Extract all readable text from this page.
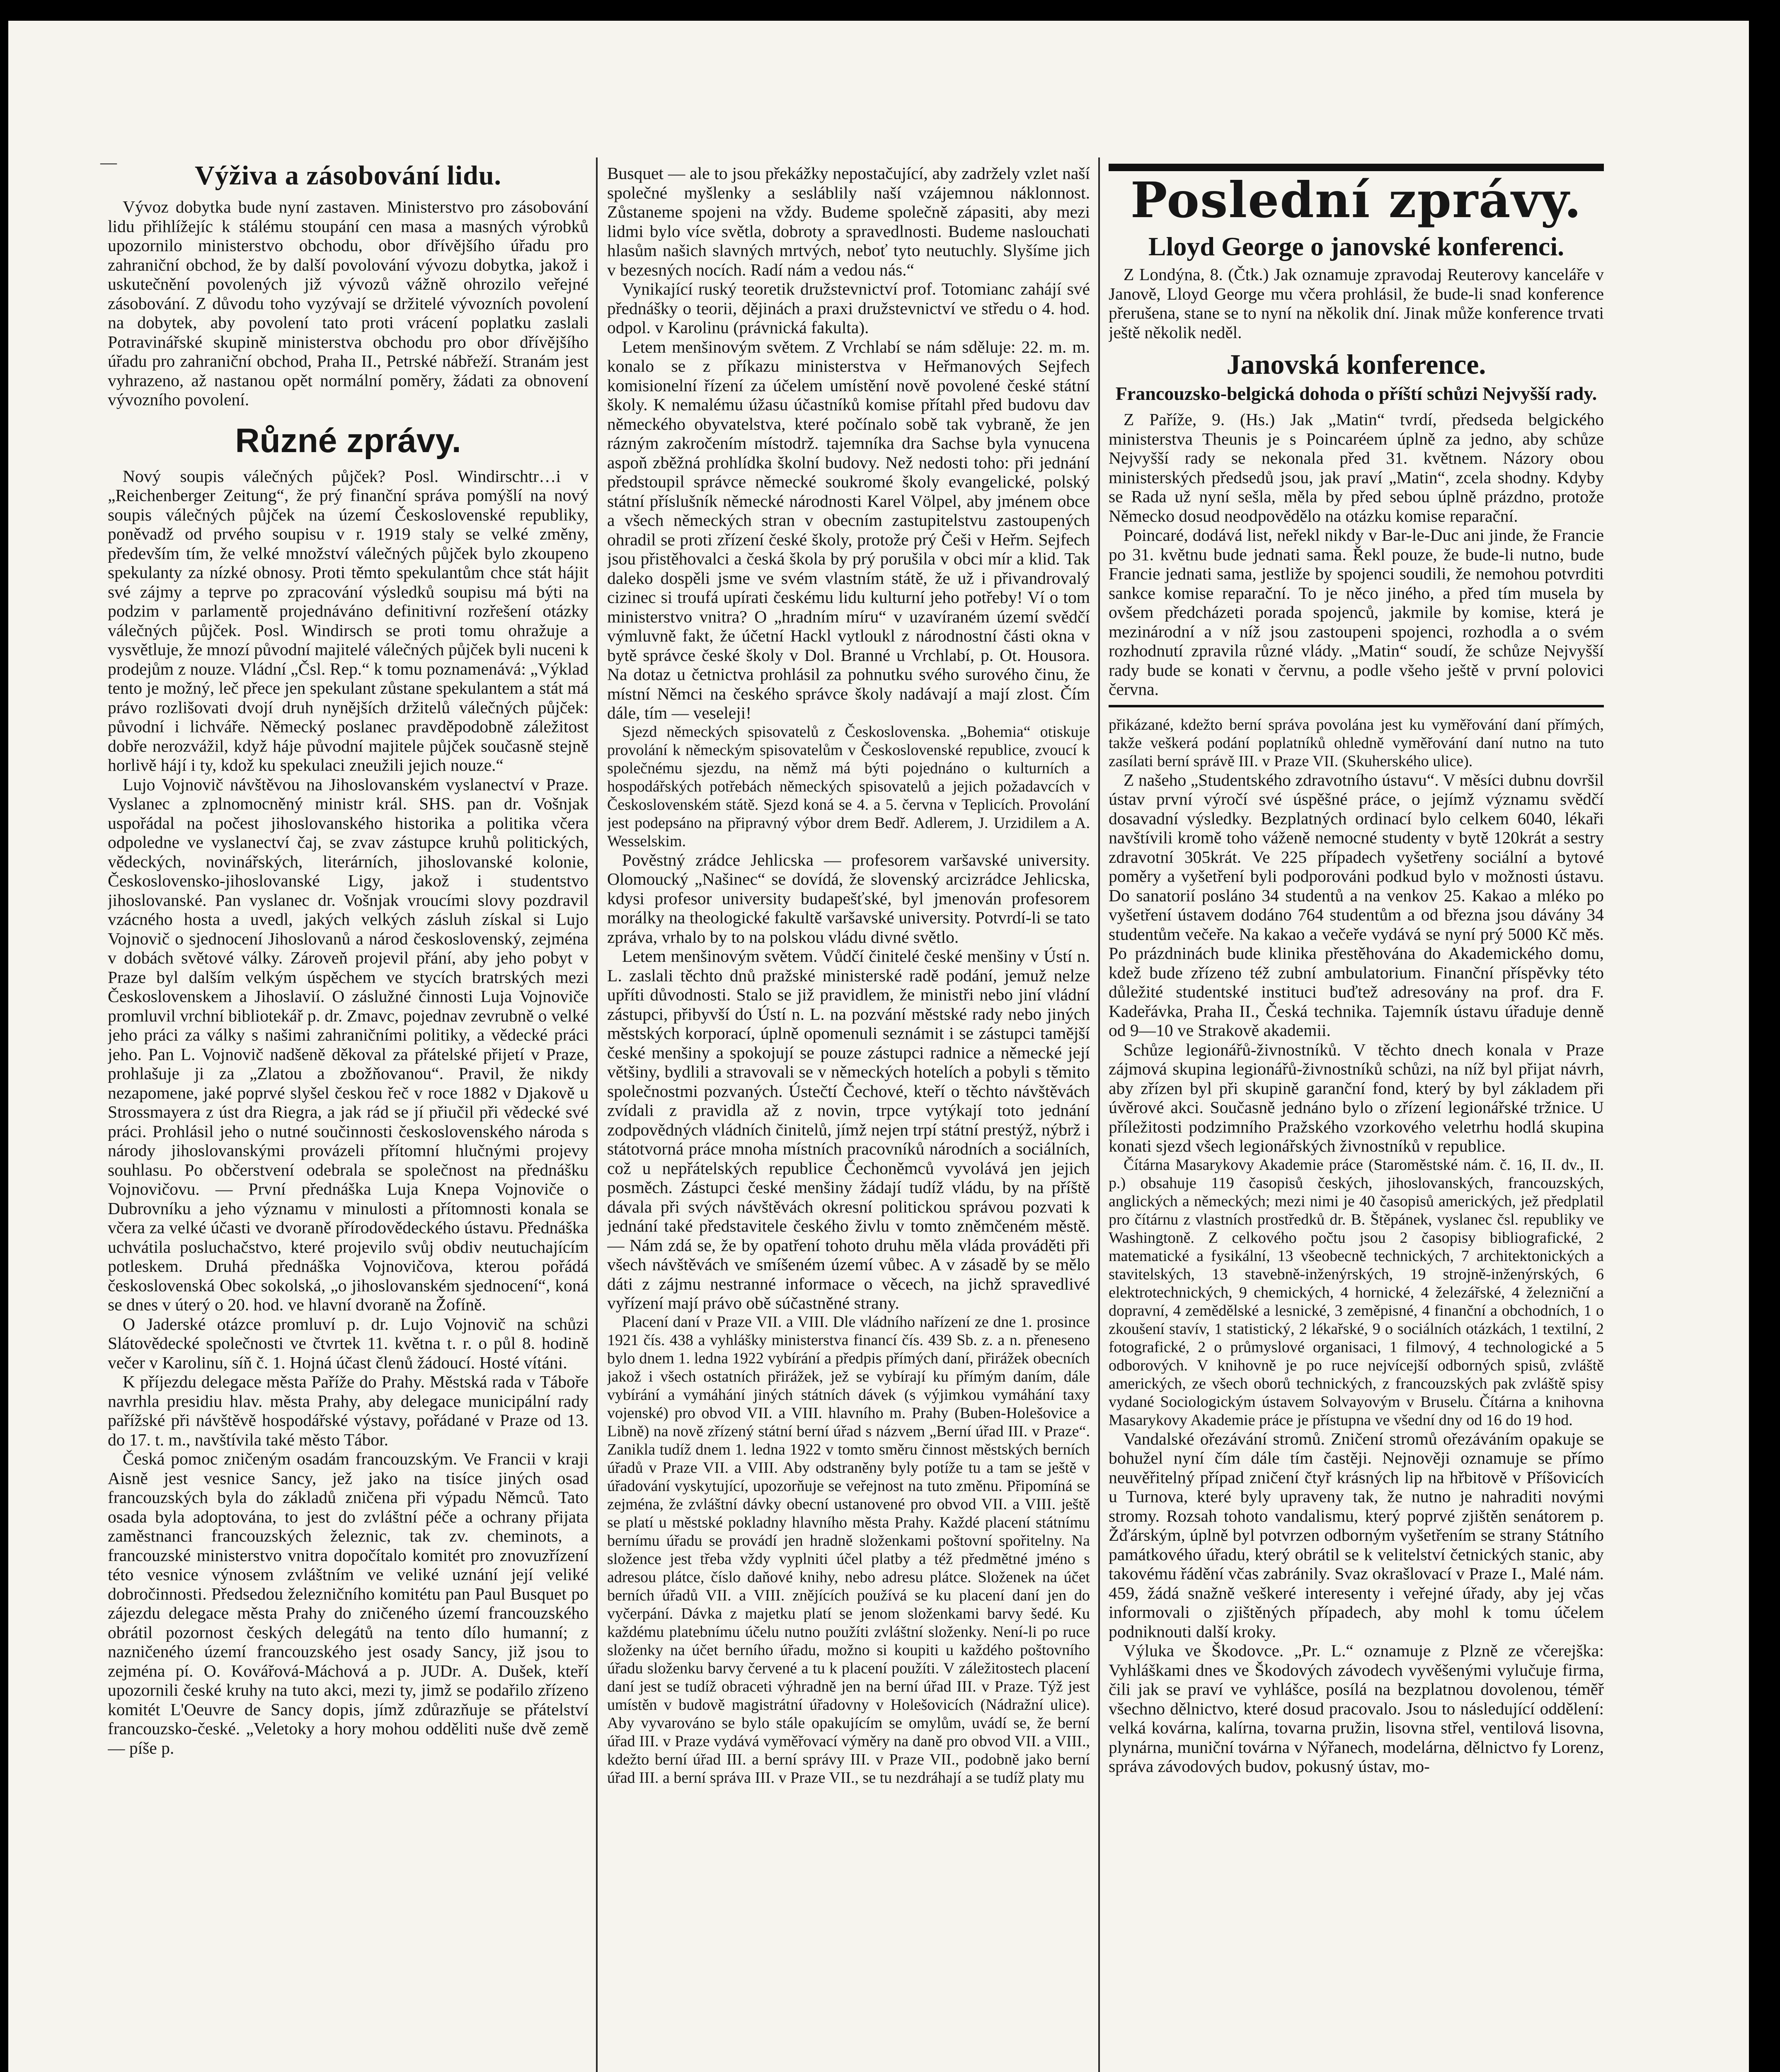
—	Výživa a zásobování lidu.

Vývoz dobytka bude nyní zastaven. Ministerstvo pro zásobování lidu přihlížejíc k stálému stoupání cen masa a masných výrobků upozornilo ministerstvo obchodu, obor dřívějšího úřadu pro zahraniční obchod, že by další povolování vývozu dobytka, jakož i uskutečnění povolených již vývozů vážně ohrozilo veřejné zásobování. Z důvodu toho vyzývají se držitelé vývozních povolení na dobytek, aby povolení tato proti vrácení poplatku zaslali Potravinářské skupině ministerstva obchodu pro obor dřívějšího úřadu pro zahraniční obchod, Praha II., Petrské nábřeží. Stranám jest vyhrazeno, až nastanou opět normální poměry, žádati za obnovení vývozního povolení.

Různé zprávy.

Nový soupis válečných půjček? Posl. Windirschtr…i v „Reichenberger Zeitung“, že prý finanční správa pomýšlí na nový soupis válečných půjček na území Československé republiky, poněvadž od prvého soupisu v r. 1919 staly se velké změny, především tím, že velké množství válečných půjček bylo zkoupeno spekulanty za nízké obnosy. Proti těmto spekulantům chce stát hájit své zájmy a teprve po zpracování výsledků soupisu má býti na podzim v parlamentě projednáváno definitivní rozřešení otázky válečných půjček. Posl. Windirsch se proti tomu ohražuje a vysvětluje, že mnozí původní majitelé válečných půjček byli nuceni k prodejům z nouze. Vládní „Čsl. Rep.“ k tomu poznamenává: „Výklad tento je možný, leč přece jen spekulant zůstane spekulantem a stát má právo rozlišovati dvojí druh nynějších držitelů válečných půjček: původní i lichváře. Německý poslanec pravděpodobně záležitost dobře nerozvážil, když háje původní majitele půjček současně stejně horlivě hájí i ty, kdož ku spekulaci zneužili jejich nouze.“

Lujo Vojnovič návštěvou na Jihoslovanském vyslanectví v Praze. Vyslanec a zplnomocněný ministr král. SHS. pan dr. Vošnjak uspořádal na počest jihoslovanského historika a politika včera odpoledne ve vyslanectví čaj, se zvav zástupce kruhů politických, vědeckých, novinářských, literárních, jihoslovanské kolonie, Československo-jihoslovanské Ligy, jakož i studentstvo jihoslovanské. Pan vyslanec dr. Vošnjak vroucími slovy pozdravil vzácného hosta a uvedl, jakých velkých zásluh získal si Lujo Vojnovič o sjednocení Jihoslovanů a národ československý, zejména v dobách světové války. Zároveň projevil přání, aby jeho pobyt v Praze byl dalším velkým úspěchem ve stycích bratrských mezi Československem a Jihoslavií. O záslužné činnosti Luja Vojnoviče promluvil vrchní bibliotekář p. dr. Zmavc, pojednav zevrubně o velké jeho práci za války s našimi zahraničními politiky, a vědecké práci jeho. Pan L. Vojnovič nadšeně děkoval za přátelské přijetí v Praze, prohlašuje ji za „Zlatou a zbožňovanou“. Pravil, že nikdy nezapomene, jaké poprvé slyšel českou řeč v roce 1882 v Djakově u Strossmayera z úst dra Riegra, a jak rád se jí přiučil při vědecké své práci. Prohlásil jeho o nutné součinnosti československého národa s národy jihoslovanskými provázeli přítomní hlučnými projevy souhlasu. Po občerstvení odebrala se společnost na přednášku Vojnovičovu. — První přednáška Luja Knepa Vojnoviče o Dubrovníku a jeho významu v minulosti a přítomnosti konala se včera za velké účasti ve dvoraně přírodovědeckého ústavu. Přednáška uchvátila posluchačstvo, které projevilo svůj obdiv neutuchajícím potleskem. Druhá přednáška Vojnovičova, kterou pořádá československá Obec sokolská, „o jihoslovanském sjednocení“, koná se dnes v úterý o 20. hod. ve hlavní dvoraně na Žofíně.

O Jaderské otázce promluví p. dr. Lujo Vojnovič na schůzi Slátovědecké společnosti ve čtvrtek 11. května t. r. o půl 8. hodině večer v Karolinu, síň č. 1. Hojná účast členů žádoucí. Hosté vítáni.

K příjezdu delegace města Paříže do Prahy. Městská rada v Táboře navrhla presidiu hlav. města Prahy, aby delegace municipální rady pařížské při návštěvě hospodářské výstavy, pořádané v Praze od 13. do 17. t. m., navštívila také město Tábor.

Česká pomoc zničeným osadám francouzským. Ve Francii v kraji Aisně jest vesnice Sancy, jež jako na tisíce jiných osad francouzských byla do základů zničena při výpadu Němců. Tato osada byla adoptována, to jest do zvláštní péče a ochrany přijata zaměstnanci francouzských železnic, tak zv. cheminots, a francouzské ministerstvo vnitra dopočítalo komitét pro znovuzřízení této vesnice výnosem zvláštním ve veliké uznání její veliké dobročinnosti. Předsedou železničního komitétu pan Paul Busquet po zájezdu delegace města Prahy do zničeného území francouzského obrátil pozornost českých delegátů na tento dílo humanní; z nazničeného území francouzského jest osady Sancy, již jsou to zejména pí. O. Kovářová-Máchová a p. JUDr. A. Dušek, kteří upozornili české kruhy na tuto akci, mezi ty, jimž se podařilo zřízeno komitét L'Oeuvre de Sancy dopis, jímž zdůrazňuje se přátelství francouzsko-české. „Veletoky a hory mohou odděliti nuše dvě země — píše p.

Busquet — ale to jsou překážky nepostačující, aby zadržely vzlet naší společné myšlenky a sesláblily naší vzájemnou náklonnost. Zůstaneme spojeni na vždy. Budeme společně zápasiti, aby mezi lidmi bylo více světla, dobroty a spravedlnosti. Budeme naslouchati hlasům našich slavných mrtvých, neboť tyto neutuchly. Slyšíme jich v bezesných nocích. Radí nám a vedou nás.“

Vynikající ruský teoretik družstevnictví prof. Totomianc zahájí své přednášky o teorii, dějinách a praxi družstevnictví ve středu o 4. hod. odpol. v Karolinu (právnická fakulta).

Letem menšinovým světem. Z Vrchlabí se nám sděluje: 22. m. m. konalo se z příkazu ministerstva v Heřmanových Sejfech komisionelní řízení za účelem umístění nově povolené české státní školy. K nemalému úžasu účastníků komise přítahl před budovu dav německého obyvatelstva, které počínalo sobě tak vybraně, že jen rázným zakročením místodrž. tajemníka dra Sachse byla vynucena aspoň zběžná prohlídka školní budovy. Než nedosti toho: při jednání předstoupil správce německé soukromé školy evangelické, polský státní příslušník německé národnosti Karel Völpel, aby jménem obce a všech německých stran v obecním zastupitelstvu zastoupených ohradil se proti zřízení české školy, protože prý Češi v Heřm. Sejfech jsou přistěhovalci a česká škola by prý porušila v obci mír a klid. Tak daleko dospěli jsme ve svém vlastním státě, že už i přivandrovalý cizinec si troufá upírati českému lidu kulturní jeho potřeby! Ví o tom ministerstvo vnitra? O „hradním míru“ v uzavíraném území svědčí výmluvně fakt, že účetní Hackl vytloukl z národnostní části okna v bytě správce české školy v Dol. Branné u Vrchlabí, p. Ot. Housora. Na dotaz u četnictva prohlásil za pohnutku svého surového činu, že místní Němci na českého správce školy nadávají a mají zlost. Čím dále, tím — veseleji!

Sjezd německých spisovatelů z Československa. „Bohemia“ otiskuje provolání k německým spisovatelům v Československé republice, zvoucí k společnému sjezdu, na němž má býti pojednáno o kulturních a hospodářských potřebách německých spisovatelů a jejich požadavcích v Československém státě. Sjezd koná se 4. a 5. června v Teplicích. Provolání jest podepsáno na připravný výbor drem Bedř. Adlerem, J. Urzidilem a A. Wesselskim.

Pověstný zrádce Jehlicska — profesorem varšavské university. Olomoucký „Našinec“ se dovídá, že slovenský arcizrádce Jehlicska, kdysi profesor university budapešťské, byl jmenován profesorem morálky na theologické fakultě varšavské university. Potvrdí-li se tato zpráva, vrhalo by to na polskou vládu divné světlo.

Letem menšinovým světem. Vůdčí činitelé české menšiny v Ústí n. L. zaslali těchto dnů pražské ministerské radě podání, jemuž nelze upříti důvodnosti. Stalo se již pravidlem, že ministři nebo jiní vládní zástupci, přibyvší do Ústí n. L. na pozvání městské rady nebo jiných městských korporací, úplně opomenuli seznámit i se zástupci tamější české menšiny a spokojují se pouze zástupci radnice a německé její většiny, bydlili a stravovali se v německých hotelích a pobyli s těmito společnostmi pozvaných. Ústečtí Čechové, kteří o těchto návštěvách zvídali z pravidla až z novin, trpce vytýkají toto jednání zodpovědných vládních činitelů, jímž nejen trpí státní prestýž, nýbrž i státotvorná práce mnoha místních pracovníků národních a sociálních, což u nepřátelských republice Čechoněmců vyvolává jen jejich posměch. Zástupci české menšiny žádají tudíž vládu, by na příště dávala při svých návštěvách okresní politickou správou pozvati k jednání také představitele českého živlu v tomto zněmčeném městě. — Nám zdá se, že by opatření tohoto druhu měla vláda prováděti při všech návštěvách ve smíšeném území vůbec. A v zásadě by se mělo dáti z zájmu nestranné informace o věcech, na jichž spravedlivé vyřízení mají právo obě súčastněné strany.

Placení daní v Praze VII. a VIII. Dle vládního nařízení ze dne 1. prosince 1921 čís. 438 a vyhlášky ministerstva financí čís. 439 Sb. z. a n. přeneseno bylo dnem 1. ledna 1922 vybírání a předpis přímých daní, přirážek obecních jakož i všech ostatních přirážek, jež se vybírají ku přímým daním, dále vybírání a vymáhání jiných státních dávek (s výjimkou vymáhání taxy vojenské) pro obvod VII. a VIII. hlavního m. Prahy (Buben-Holešovice a Libně) na nově zřízený státní berní úřad s názvem „Berní úřad III. v Praze“. Zanikla tudíž dnem 1. ledna 1922 v tomto směru činnost městských berních úřadů v Praze VII. a VIII. Aby odstraněny byly potíže tu a tam se ještě v úřadování vyskytující, upozorňuje se veřejnost na tuto změnu. Připomíná se zejména, že zvláštní dávky obecní ustanovené pro obvod VII. a VIII. ještě se platí u městské pokladny hlavního města Prahy. Každé placení státnímu bernímu úřadu se provádí jen hradně složenkami poštovní spořitelny. Na složence jest třeba vždy vyplniti účel platby a též předmětné jméno s adresou plátce, číslo daňové knihy, nebo adresu plátce. Složenek na účet berních úřadů VII. a VIII. znějících používá se ku placení daní jen do vyčerpání. Dávka z majetku platí se jenom složenkami barvy šedé. Ku každému platebnímu účelu nutno použíti zvláštní složenky. Není-li po ruce složenky na účet berního úřadu, možno si koupiti u každého poštovního úřadu složenku barvy červené a tu k placení použíti. V záležitostech placení daní jest se tudíž obraceti výhradně jen na berní úřad III. v Praze. Týž jest umístěn v budově magistrátní úřadovny v Holešovicích (Nádražní ulice). Aby vyvarováno se bylo stále opakujícím se omylům, uvádí se, že berní úřad III. v Praze vydává vyměřovací výměry na daně pro obvod VII. a VIII., kdežto berní úřad III. a berní správy III. v Praze VII., podobně jako berní úřad III. a berní správa III. v Praze VII., se tu nezdráhají a se tudíž platy mu

Poslední zprávy.
Lloyd George o janovské konferenci.

Z Londýna, 8. (Čtk.) Jak oznamuje zpravodaj Reuterovy kanceláře v Janově, Lloyd George mu včera prohlásil, že bude-li snad konference přerušena, stane se to nyní na několik dní. Jinak může konference trvati ještě několik neděl.

Janovská konference.
Francouzsko-belgická dohoda o příští schůzi Nejvyšší rady.

Z Paříže, 9. (Hs.) Jak „Matin“ tvrdí, předseda belgického ministerstva Theunis je s Poincaréem úplně za jedno, aby schůze Nejvyšší rady se nekonala před 31. květnem. Názory obou ministerských předsedů jsou, jak praví „Matin“, zcela shodny. Kdyby se Rada už nyní sešla, měla by před sebou úplně prázdno, protože Německo dosud neodpovědělo na otázku komise reparační.

Poincaré, dodává list, neřekl nikdy v Bar-le-Duc ani jinde, že Francie po 31. květnu bude jednati sama. Řekl pouze, že bude-li nutno, bude Francie jednati sama, jestliže by spojenci soudili, že nemohou potvrditi sankce komise reparační. To je něco jiného, a před tím musela by ovšem předcházeti porada spojenců, jakmile by komise, která je mezinárodní a v níž jsou zastoupeni spojenci, rozhodla a o svém rozhodnutí zpravila různé vlády. „Matin“ soudí, že schůze Nejvyšší rady bude se konati v červnu, a podle všeho ještě v první polovici června.

přikázané, kdežto berní správa povolána jest ku vyměřování daní přímých, takže veškerá podání poplatníků ohledně vyměřování daní nutno na tuto zasílati berní správě III. v Praze VII. (Skuherského ulice).

Z našeho „Studentského zdravotního ústavu“. V měsíci dubnu dovršil ústav první výročí své úspěšné práce, o jejímž významu svědčí dosavadní výsledky. Bezplatných ordinací bylo celkem 6040, lékaři navštívili kromě toho váženě nemocné studenty v bytě 120krát a sestry zdravotní 305krát. Ve 225 případech vyšetřeny sociální a bytové poměry a vyšetření byli podporováni podkud bylo v možnosti ústavu. Do sanatorií posláno 34 studentů a na venkov 25. Kakao a mléko po vyšetření ústavem dodáno 764 studentům a od března jsou dávány 34 studentům večeře. Na kakao a večeře vydává se nyní prý 5000 Kč měs. Po prázdninách bude klinika přestěhována do Akademického domu, kdež bude zřízeno též zubní ambulatorium. Finanční příspěvky této důležité studentské instituci buďtež adresovány na prof. dra F. Kadeřávka, Praha II., Česká technika. Tajemník ústavu úřaduje denně od 9—10 ve Strakově akademii.

Schůze legionářů-živnostníků. V těchto dnech konala v Praze zájmová skupina legionářů-živnostníků schůzi, na níž byl přijat návrh, aby zřízen byl při skupině garanční fond, který by byl základem při úvěrové akci. Současně jednáno bylo o zřízení legionářské tržnice. U příležitosti podzimního Pražského vzorkového veletrhu hodlá skupina konati sjezd všech legionářských živnostníků v republice.

Čítárna Masarykovy Akademie práce (Staroměstské nám. č. 16, II. dv., II. p.) obsahuje 119 časopisů českých, jihoslovanských, francouzských, anglických a německých; mezi nimi je 40 časopisů amerických, jež předplatil pro čítárnu z vlastních prostředků dr. B. Štěpánek, vyslanec čsl. republiky ve Washingtoně. Z celkového počtu jsou 2 časopisy bibliografické, 2 matematické a fysikální, 13 všeobecně technických, 7 architektonických a stavitelských, 13 stavebně-inženýrských, 19 strojně-inženýrských, 6 elektrotechnických, 9 chemických, 4 hornické, 4 železářské, 4 železniční a dopravní, 4 zemědělské a lesnické, 3 zeměpisné, 4 finanční a obchodních, 1 o zkoušení stavív, 1 statistický, 2 lékařské, 9 o sociálních otázkách, 1 textilní, 2 fotografické, 2 o průmyslové organisaci, 1 filmový, 4 technologické a 5 odborových. V knihovně je po ruce nejvícejší odborných spisů, zvláště amerických, ze všech oborů technických, z francouzských pak zvláště spisy vydané Sociologickým ústavem Solvayovým v Bruselu. Čítárna a knihovna Masarykovy Akademie práce je přístupna ve všední dny od 16 do 19 hod.

Vandalské ořezávání stromů. Zničení stromů ořezáváním opakuje se bohužel nyní čím dále tím častěji. Nejnověji oznamuje se přímo neuvěřitelný případ zničení čtyř krásných lip na hřbitově v Příšovicích u Turnova, které byly upraveny tak, že nutno je nahraditi novými stromy. Rozsah tohoto vandalismu, který poprvé zjištěn senátorem p. Žďárským, úplně byl potvrzen odborným vyšetřením se strany Státního památkového úřadu, který obrátil se k velitelství četnických stanic, aby takovému řádění včas zabránily. Svaz okrašlovací v Praze I., Malé nám. 459, žádá snažně veškeré interesenty i veřejné úřady, aby jej včas informovali o zjištěných případech, aby mohl k tomu účelem podniknouti další kroky.

Výluka ve Škodovce. „Pr. L.“ oznamuje z Plzně ze včerejška: Vyhláškami dnes ve Škodových závodech vyvěšenými vylučuje firma, čili jak se praví ve vyhlášce, posílá na bezplatnou dovolenou, téměř všechno dělnictvo, které dosud pracovalo. Jsou to následující oddělení: velká kovárna, kalírna, tovarna pružin, lisovna střel, ventilová lisovna, plynárna, muniční továrna v Nýřanech, modelárna, dělnictvo fy Lorenz, správa závodových budov, pokusný ústav, mo-
